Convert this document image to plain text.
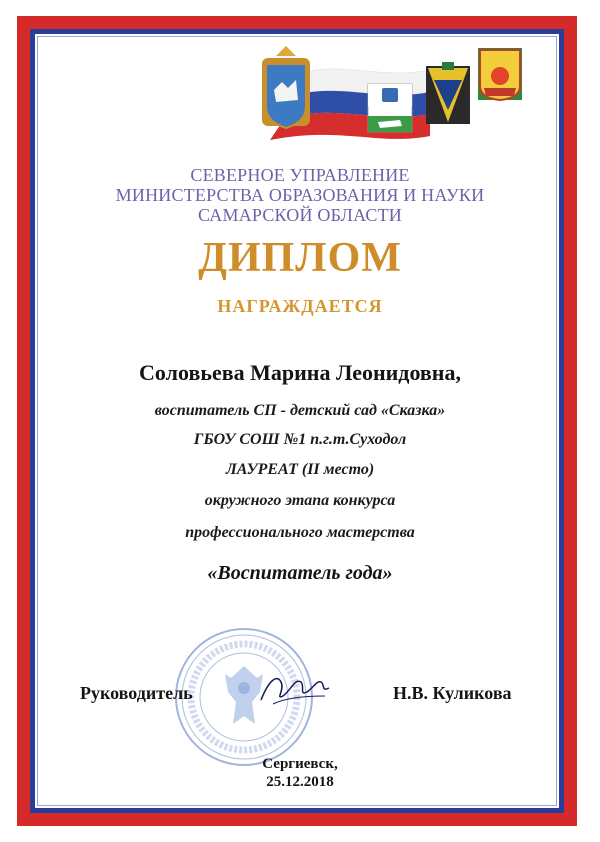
СЕВЕРНОЕ УПРАВЛЕНИЕ
МИНИСТЕРСТВА ОБРАЗОВАНИЯ И НАУКИ
САМАРСКОЙ ОБЛАСТИ
ДИПЛОМ
НАГРАЖДАЕТСЯ
Соловьева Марина Леонидовна,
воспитатель СП - детский сад «Сказка»
ГБОУ СОШ №1 п.г.т.Суходол
ЛАУРЕАТ (II место)
окружного этапа конкурса
профессионального мастерства
«Воспитатель года»
Руководитель	Н.В. Куликова
Сергиевск,
25.12.2018
